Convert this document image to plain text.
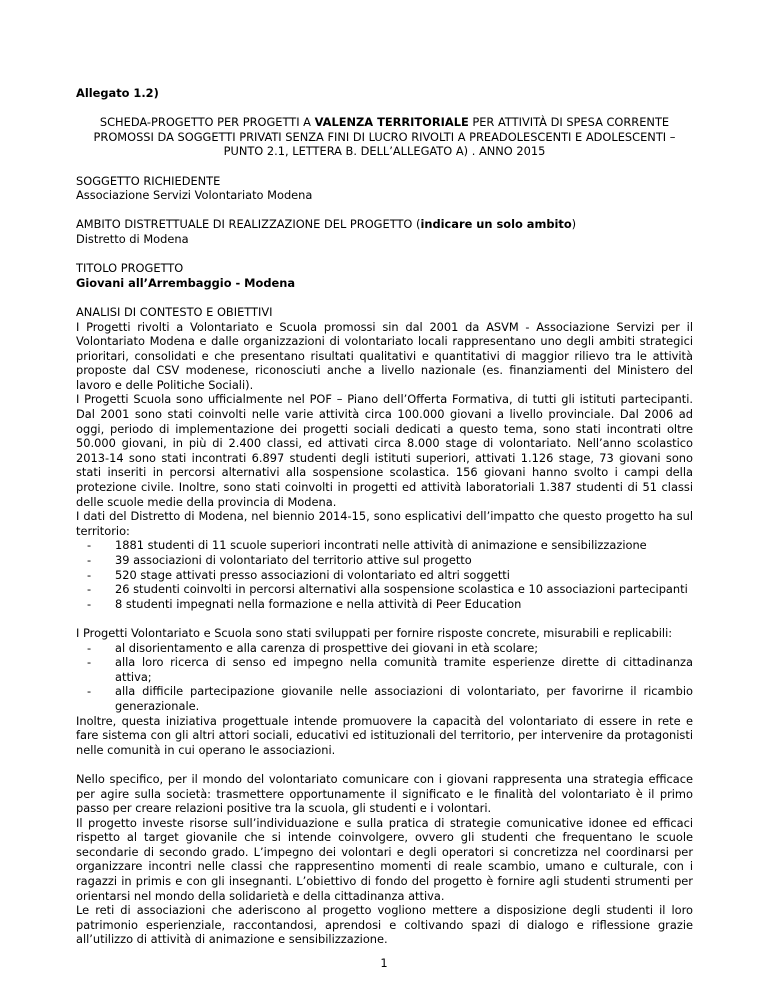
Allegato 1.2)

SCHEDA-PROGETTO PER PROGETTI A VALENZA TERRITORIALE PER ATTIVITÀ DI SPESA CORRENTE PROMOSSI DA SOGGETTI PRIVATI SENZA FINI DI LUCRO RIVOLTI A PREADOLESCENTI E ADOLESCENTI – PUNTO 2.1, LETTERA B. DELL’ALLEGATO A) . ANNO 2015

SOGGETTO RICHIEDENTE

Associazione Servizi Volontariato Modena

AMBITO DISTRETTUALE DI REALIZZAZIONE DEL PROGETTO (indicare un solo ambito)

Distretto di Modena

TITOLO PROGETTO

Giovani all’Arrembaggio - Modena

ANALISI DI CONTESTO E OBIETTIVI

I Progetti rivolti a Volontariato e Scuola promossi sin dal 2001 da ASVM - Associazione Servizi per il Volontariato Modena e dalle organizzazioni di volontariato locali rappresentano uno degli ambiti strategici prioritari, consolidati e che presentano risultati qualitativi e quantitativi di maggior rilievo tra le attività proposte dal CSV modenese, riconosciuti anche a livello nazionale (es. finanziamenti del Ministero del lavoro e delle Politiche Sociali).

I Progetti Scuola sono ufficialmente nel POF – Piano dell’Offerta Formativa, di tutti gli istituti partecipanti. Dal 2001 sono stati coinvolti nelle varie attività circa 100.000 giovani a livello provinciale. Dal 2006 ad oggi, periodo di implementazione dei progetti sociali dedicati a questo tema, sono stati incontrati oltre 50.000 giovani, in più di 2.400 classi, ed attivati circa 8.000 stage di volontariato. Nell’anno scolastico 2013-14 sono stati incontrati 6.897 studenti degli istituti superiori, attivati 1.126 stage, 73 giovani sono stati inseriti in percorsi alternativi alla sospensione scolastica. 156 giovani hanno svolto i campi della protezione civile. Inoltre, sono stati coinvolti in progetti ed attività laboratoriali 1.387 studenti di 51 classi delle scuole medie della provincia di Modena.

I dati del Distretto di Modena, nel biennio 2014-15, sono esplicativi dell’impatto che questo progetto ha sul territorio:

- 1881 studenti di 11 scuole superiori incontrati nelle attività di animazione e sensibilizzazione
- 39 associazioni di volontariato del territorio attive sul progetto
- 520 stage attivati presso associazioni di volontariato ed altri soggetti
- 26 studenti coinvolti in percorsi alternativi alla sospensione scolastica e 10 associazioni partecipanti
- 8 studenti impegnati nella formazione e nella attività di Peer Education

I Progetti Volontariato e Scuola sono stati sviluppati per fornire risposte concrete, misurabili e replicabili:

- al disorientamento e alla carenza di prospettive dei giovani in età scolare;
- alla loro ricerca di senso ed impegno nella comunità tramite esperienze dirette di cittadinanza attiva;
- alla difficile partecipazione giovanile nelle associazioni di volontariato, per favorirne il ricambio generazionale.

Inoltre, questa iniziativa progettuale intende promuovere la capacità del volontariato di essere in rete e fare sistema con gli altri attori sociali, educativi ed istituzionali del territorio, per intervenire da protagonisti nelle comunità in cui operano le associazioni.

Nello specifico, per il mondo del volontariato comunicare con i giovani rappresenta una strategia efficace per agire sulla società: trasmettere opportunamente il significato e le finalità del volontariato è il primo passo per creare relazioni positive tra la scuola, gli studenti e i volontari.

Il progetto investe risorse sull’individuazione e sulla pratica di strategie comunicative idonee ed efficaci rispetto al target giovanile che si intende coinvolgere, ovvero gli studenti che frequentano le scuole secondarie di secondo grado. L’impegno dei volontari e degli operatori si concretizza nel coordinarsi per organizzare incontri nelle classi che rappresentino momenti di reale scambio, umano e culturale, con i ragazzi in primis e con gli insegnanti. L’obiettivo di fondo del progetto è fornire agli studenti strumenti per orientarsi nel mondo della solidarietà e della cittadinanza attiva.

Le reti di associazioni che aderiscono al progetto vogliono mettere a disposizione degli studenti il loro patrimonio esperienziale, raccontandosi, aprendosi e coltivando spazi di dialogo e riflessione grazie all’utilizzo di attività di animazione e sensibilizzazione.

1
